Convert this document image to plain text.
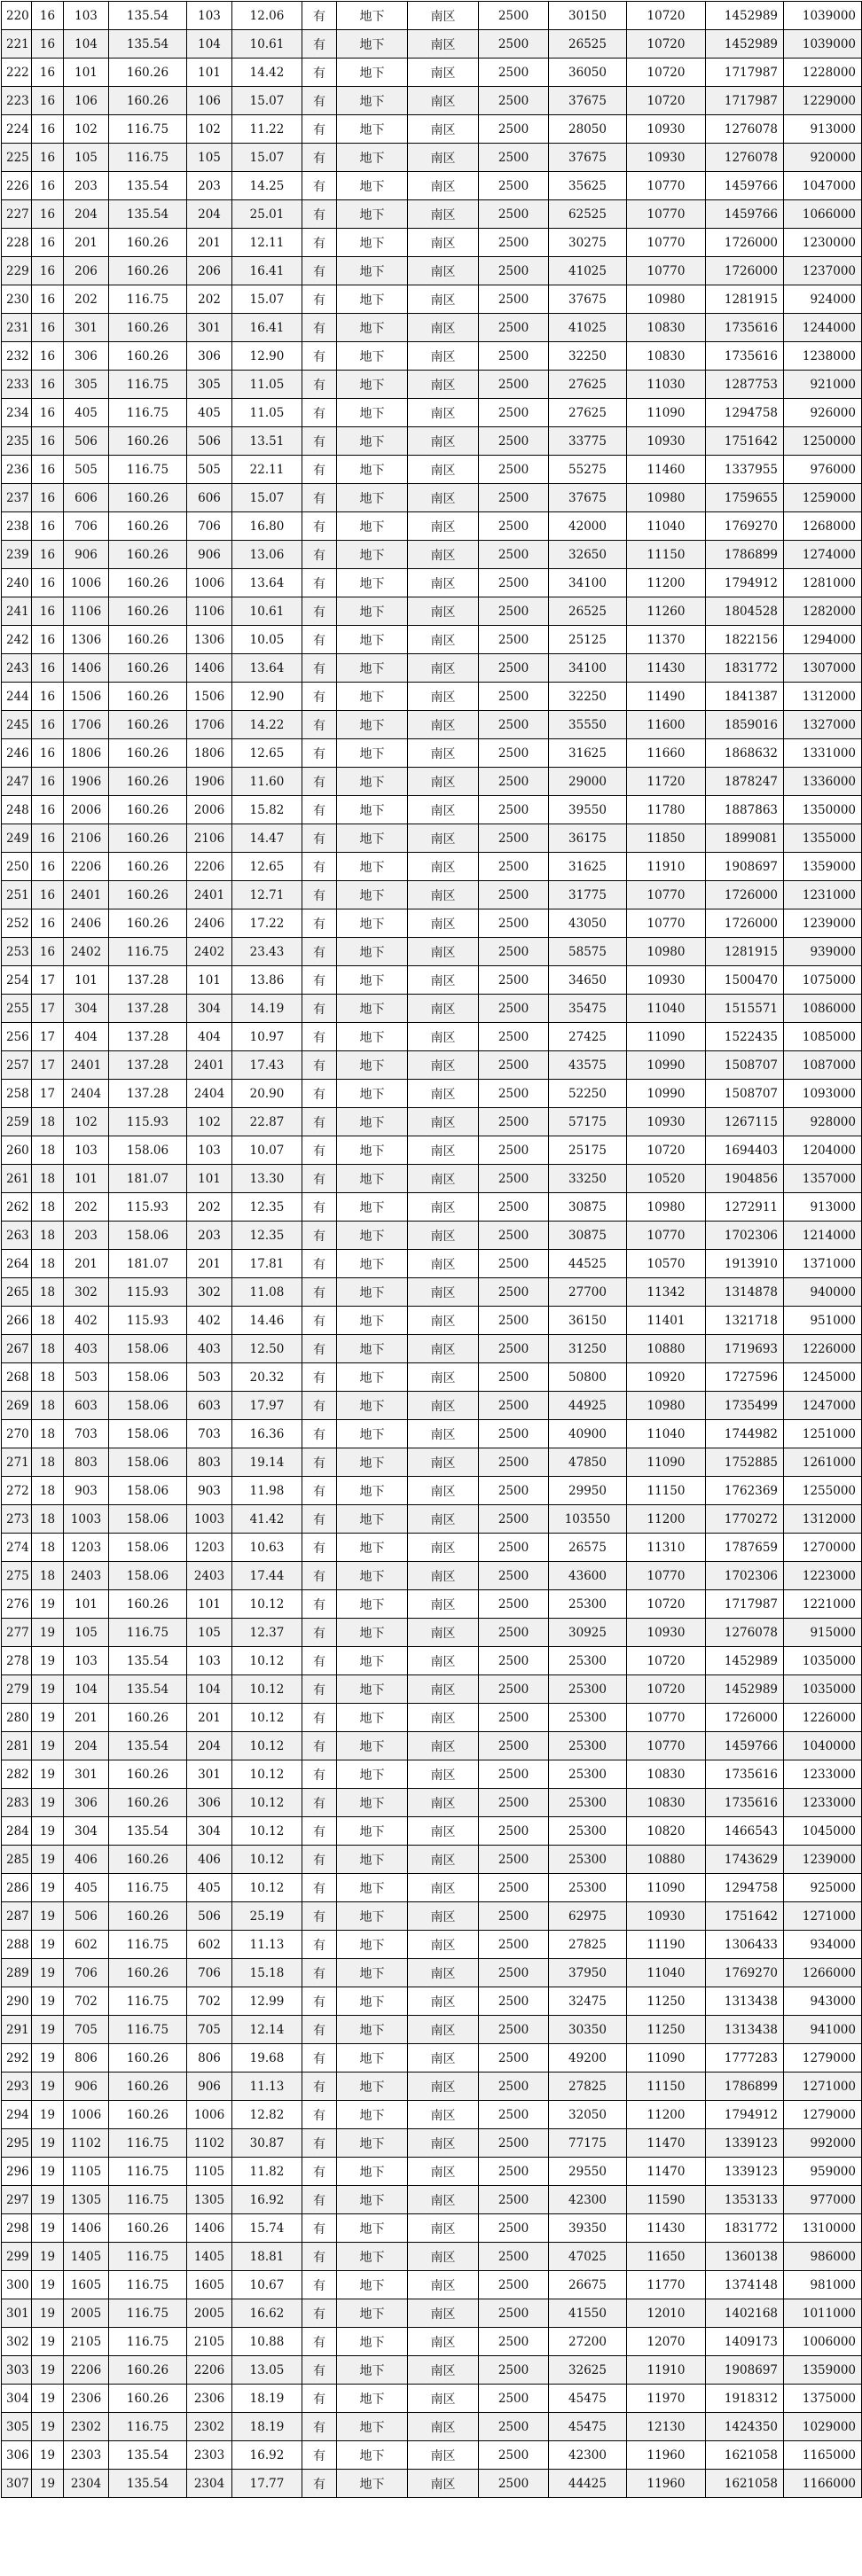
220	16	103	135.54	103	12.06	有	地下	南区	2500	30150	10720	1452989	1039000
221	16	104	135.54	104	10.61	有	地下	南区	2500	26525	10720	1452989	1039000
222	16	101	160.26	101	14.42	有	地下	南区	2500	36050	10720	1717987	1228000
223	16	106	160.26	106	15.07	有	地下	南区	2500	37675	10720	1717987	1229000
224	16	102	116.75	102	11.22	有	地下	南区	2500	28050	10930	1276078	913000
225	16	105	116.75	105	15.07	有	地下	南区	2500	37675	10930	1276078	920000
226	16	203	135.54	203	14.25	有	地下	南区	2500	35625	10770	1459766	1047000
227	16	204	135.54	204	25.01	有	地下	南区	2500	62525	10770	1459766	1066000
228	16	201	160.26	201	12.11	有	地下	南区	2500	30275	10770	1726000	1230000
229	16	206	160.26	206	16.41	有	地下	南区	2500	41025	10770	1726000	1237000
230	16	202	116.75	202	15.07	有	地下	南区	2500	37675	10980	1281915	924000
231	16	301	160.26	301	16.41	有	地下	南区	2500	41025	10830	1735616	1244000
232	16	306	160.26	306	12.90	有	地下	南区	2500	32250	10830	1735616	1238000
233	16	305	116.75	305	11.05	有	地下	南区	2500	27625	11030	1287753	921000
234	16	405	116.75	405	11.05	有	地下	南区	2500	27625	11090	1294758	926000
235	16	506	160.26	506	13.51	有	地下	南区	2500	33775	10930	1751642	1250000
236	16	505	116.75	505	22.11	有	地下	南区	2500	55275	11460	1337955	976000
237	16	606	160.26	606	15.07	有	地下	南区	2500	37675	10980	1759655	1259000
238	16	706	160.26	706	16.80	有	地下	南区	2500	42000	11040	1769270	1268000
239	16	906	160.26	906	13.06	有	地下	南区	2500	32650	11150	1786899	1274000
240	16	1006	160.26	1006	13.64	有	地下	南区	2500	34100	11200	1794912	1281000
241	16	1106	160.26	1106	10.61	有	地下	南区	2500	26525	11260	1804528	1282000
242	16	1306	160.26	1306	10.05	有	地下	南区	2500	25125	11370	1822156	1294000
243	16	1406	160.26	1406	13.64	有	地下	南区	2500	34100	11430	1831772	1307000
244	16	1506	160.26	1506	12.90	有	地下	南区	2500	32250	11490	1841387	1312000
245	16	1706	160.26	1706	14.22	有	地下	南区	2500	35550	11600	1859016	1327000
246	16	1806	160.26	1806	12.65	有	地下	南区	2500	31625	11660	1868632	1331000
247	16	1906	160.26	1906	11.60	有	地下	南区	2500	29000	11720	1878247	1336000
248	16	2006	160.26	2006	15.82	有	地下	南区	2500	39550	11780	1887863	1350000
249	16	2106	160.26	2106	14.47	有	地下	南区	2500	36175	11850	1899081	1355000
250	16	2206	160.26	2206	12.65	有	地下	南区	2500	31625	11910	1908697	1359000
251	16	2401	160.26	2401	12.71	有	地下	南区	2500	31775	10770	1726000	1231000
252	16	2406	160.26	2406	17.22	有	地下	南区	2500	43050	10770	1726000	1239000
253	16	2402	116.75	2402	23.43	有	地下	南区	2500	58575	10980	1281915	939000
254	17	101	137.28	101	13.86	有	地下	南区	2500	34650	10930	1500470	1075000
255	17	304	137.28	304	14.19	有	地下	南区	2500	35475	11040	1515571	1086000
256	17	404	137.28	404	10.97	有	地下	南区	2500	27425	11090	1522435	1085000
257	17	2401	137.28	2401	17.43	有	地下	南区	2500	43575	10990	1508707	1087000
258	17	2404	137.28	2404	20.90	有	地下	南区	2500	52250	10990	1508707	1093000
259	18	102	115.93	102	22.87	有	地下	南区	2500	57175	10930	1267115	928000
260	18	103	158.06	103	10.07	有	地下	南区	2500	25175	10720	1694403	1204000
261	18	101	181.07	101	13.30	有	地下	南区	2500	33250	10520	1904856	1357000
262	18	202	115.93	202	12.35	有	地下	南区	2500	30875	10980	1272911	913000
263	18	203	158.06	203	12.35	有	地下	南区	2500	30875	10770	1702306	1214000
264	18	201	181.07	201	17.81	有	地下	南区	2500	44525	10570	1913910	1371000
265	18	302	115.93	302	11.08	有	地下	南区	2500	27700	11342	1314878	940000
266	18	402	115.93	402	14.46	有	地下	南区	2500	36150	11401	1321718	951000
267	18	403	158.06	403	12.50	有	地下	南区	2500	31250	10880	1719693	1226000
268	18	503	158.06	503	20.32	有	地下	南区	2500	50800	10920	1727596	1245000
269	18	603	158.06	603	17.97	有	地下	南区	2500	44925	10980	1735499	1247000
270	18	703	158.06	703	16.36	有	地下	南区	2500	40900	11040	1744982	1251000
271	18	803	158.06	803	19.14	有	地下	南区	2500	47850	11090	1752885	1261000
272	18	903	158.06	903	11.98	有	地下	南区	2500	29950	11150	1762369	1255000
273	18	1003	158.06	1003	41.42	有	地下	南区	2500	103550	11200	1770272	1312000
274	18	1203	158.06	1203	10.63	有	地下	南区	2500	26575	11310	1787659	1270000
275	18	2403	158.06	2403	17.44	有	地下	南区	2500	43600	10770	1702306	1223000
276	19	101	160.26	101	10.12	有	地下	南区	2500	25300	10720	1717987	1221000
277	19	105	116.75	105	12.37	有	地下	南区	2500	30925	10930	1276078	915000
278	19	103	135.54	103	10.12	有	地下	南区	2500	25300	10720	1452989	1035000
279	19	104	135.54	104	10.12	有	地下	南区	2500	25300	10720	1452989	1035000
280	19	201	160.26	201	10.12	有	地下	南区	2500	25300	10770	1726000	1226000
281	19	204	135.54	204	10.12	有	地下	南区	2500	25300	10770	1459766	1040000
282	19	301	160.26	301	10.12	有	地下	南区	2500	25300	10830	1735616	1233000
283	19	306	160.26	306	10.12	有	地下	南区	2500	25300	10830	1735616	1233000
284	19	304	135.54	304	10.12	有	地下	南区	2500	25300	10820	1466543	1045000
285	19	406	160.26	406	10.12	有	地下	南区	2500	25300	10880	1743629	1239000
286	19	405	116.75	405	10.12	有	地下	南区	2500	25300	11090	1294758	925000
287	19	506	160.26	506	25.19	有	地下	南区	2500	62975	10930	1751642	1271000
288	19	602	116.75	602	11.13	有	地下	南区	2500	27825	11190	1306433	934000
289	19	706	160.26	706	15.18	有	地下	南区	2500	37950	11040	1769270	1266000
290	19	702	116.75	702	12.99	有	地下	南区	2500	32475	11250	1313438	943000
291	19	705	116.75	705	12.14	有	地下	南区	2500	30350	11250	1313438	941000
292	19	806	160.26	806	19.68	有	地下	南区	2500	49200	11090	1777283	1279000
293	19	906	160.26	906	11.13	有	地下	南区	2500	27825	11150	1786899	1271000
294	19	1006	160.26	1006	12.82	有	地下	南区	2500	32050	11200	1794912	1279000
295	19	1102	116.75	1102	30.87	有	地下	南区	2500	77175	11470	1339123	992000
296	19	1105	116.75	1105	11.82	有	地下	南区	2500	29550	11470	1339123	959000
297	19	1305	116.75	1305	16.92	有	地下	南区	2500	42300	11590	1353133	977000
298	19	1406	160.26	1406	15.74	有	地下	南区	2500	39350	11430	1831772	1310000
299	19	1405	116.75	1405	18.81	有	地下	南区	2500	47025	11650	1360138	986000
300	19	1605	116.75	1605	10.67	有	地下	南区	2500	26675	11770	1374148	981000
301	19	2005	116.75	2005	16.62	有	地下	南区	2500	41550	12010	1402168	1011000
302	19	2105	116.75	2105	10.88	有	地下	南区	2500	27200	12070	1409173	1006000
303	19	2206	160.26	2206	13.05	有	地下	南区	2500	32625	11910	1908697	1359000
304	19	2306	160.26	2306	18.19	有	地下	南区	2500	45475	11970	1918312	1375000
305	19	2302	116.75	2302	18.19	有	地下	南区	2500	45475	12130	1424350	1029000
306	19	2303	135.54	2303	16.92	有	地下	南区	2500	42300	11960	1621058	1165000
307	19	2304	135.54	2304	17.77	有	地下	南区	2500	44425	11960	1621058	1166000
